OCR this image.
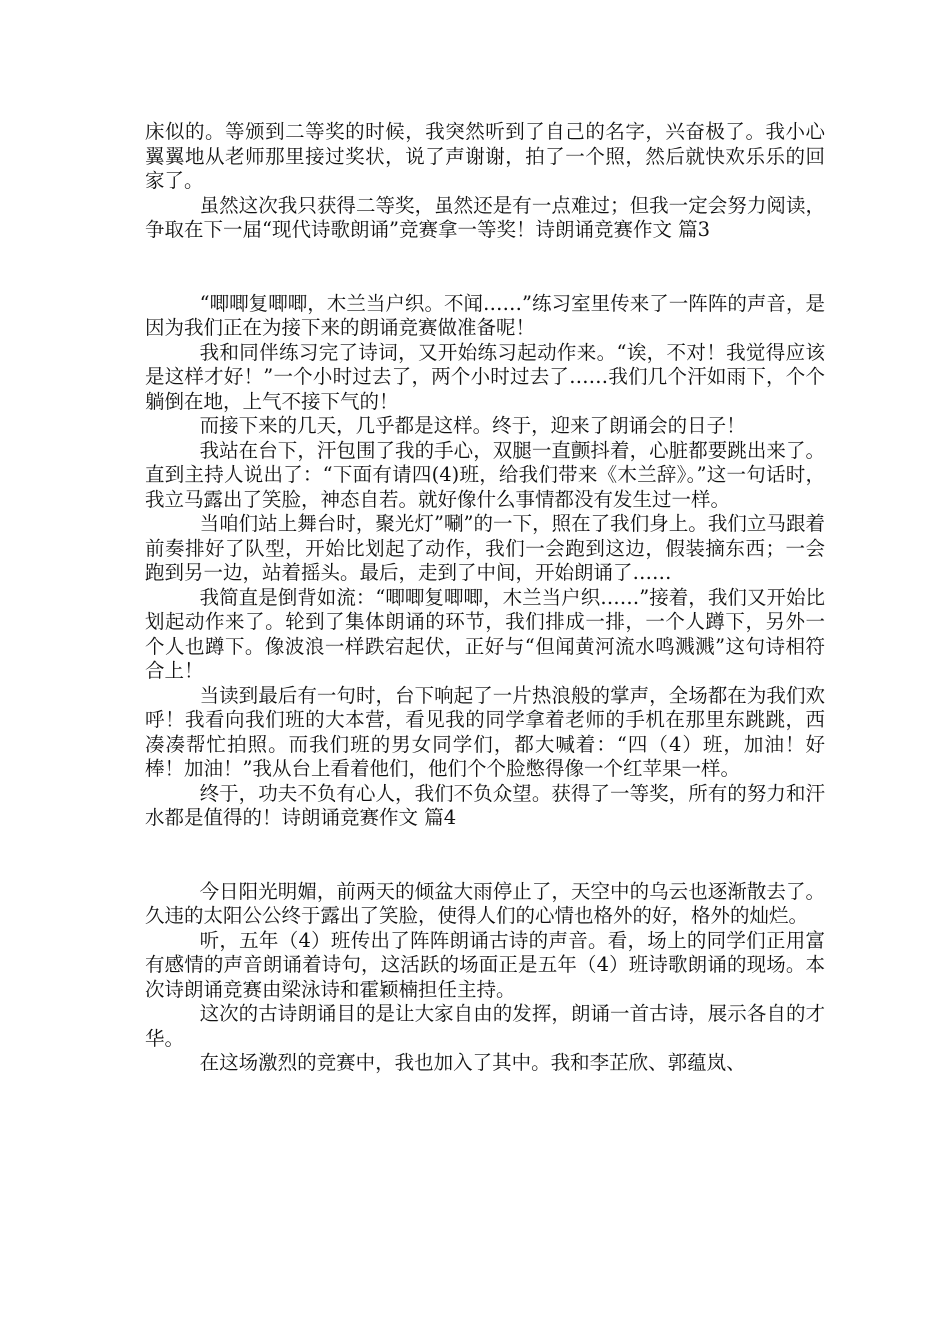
床似的。等颁到二等奖的时候，我突然听到了自己的名字，兴奋极了。我小心翼翼地从老师那里接过奖状，说了声谢谢，拍了一个照，然后就快欢乐乐的回家了。

虽然这次我只获得二等奖，虽然还是有一点难过；但我一定会努力阅读，争取在下一届“现代诗歌朗诵”竞赛拿一等奖！诗朗诵竞赛作文 篇3

“唧唧复唧唧，木兰当户织。不闻……”练习室里传来了一阵阵的声音，是因为我们正在为接下来的朗诵竞赛做准备呢！

我和同伴练习完了诗词，又开始练习起动作来。“诶，不对！我觉得应该是这样才好！”一个小时过去了，两个小时过去了……我们几个汗如雨下，个个躺倒在地，上气不接下气的！

而接下来的几天，几乎都是这样。终于，迎来了朗诵会的日子！

我站在台下，汗包围了我的手心，双腿一直颤抖着，心脏都要跳出来了。直到主持人说出了：“下面有请四(4)班，给我们带来《木兰辞》。”这一句话时，我立马露出了笑脸，神态自若。就好像什么事情都没有发生过一样。

当咱们站上舞台时，聚光灯”唰”的一下，照在了我们身上。我们立马跟着前奏排好了队型，开始比划起了动作，我们一会跑到这边，假装摘东西；一会跑到另一边，站着摇头。最后，走到了中间，开始朗诵了……

我简直是倒背如流：“唧唧复唧唧，木兰当户织……”接着，我们又开始比划起动作来了。轮到了集体朗诵的环节，我们排成一排，一个人蹲下，另外一个人也蹲下。像波浪一样跌宕起伏，正好与“但闻黄河流水鸣溅溅”这句诗相符合上！

当读到最后有一句时，台下响起了一片热浪般的掌声，全场都在为我们欢呼！我看向我们班的大本营，看见我的同学拿着老师的手机在那里东跳跳，西凑凑帮忙拍照。而我们班的男女同学们，都大喊着：“四（4）班，加油！好棒！加油！”我从台上看着他们，他们个个脸憋得像一个红苹果一样。

终于，功夫不负有心人，我们不负众望。获得了一等奖，所有的努力和汗水都是值得的！诗朗诵竞赛作文 篇4

今日阳光明媚，前两天的倾盆大雨停止了，天空中的乌云也逐渐散去了。久违的太阳公公终于露出了笑脸，使得人们的心情也格外的好，格外的灿烂。

听，五年（4）班传出了阵阵朗诵古诗的声音。看，场上的同学们正用富有感情的声音朗诵着诗句，这活跃的场面正是五年（4）班诗歌朗诵的现场。本次诗朗诵竞赛由梁泳诗和霍颖楠担任主持。

这次的古诗朗诵目的是让大家自由的发挥，朗诵一首古诗，展示各自的才华。

在这场激烈的竞赛中，我也加入了其中。我和李芷欣、郭蕴岚、
